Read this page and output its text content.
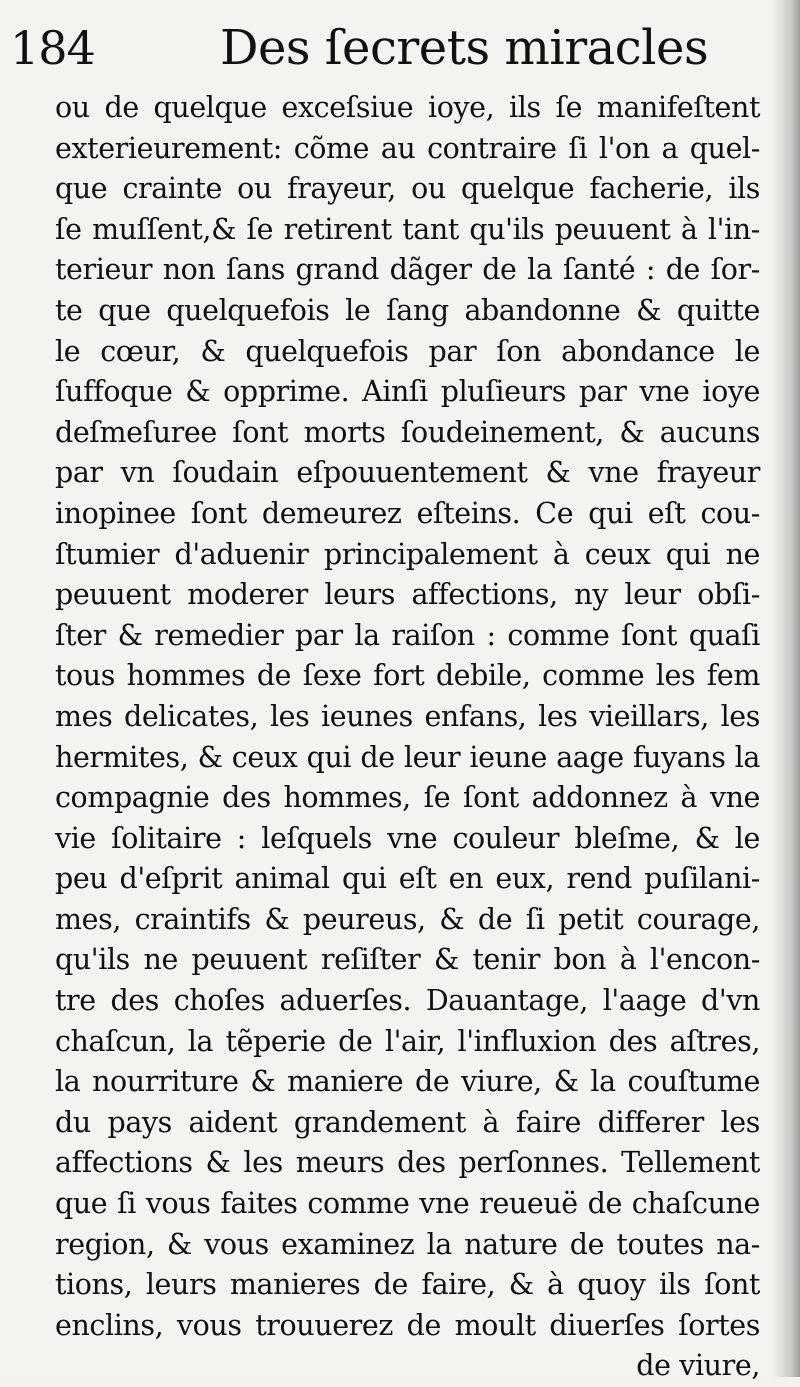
184	Des ſecrets miracles
ou de quelque exceſsiue ioye, ils ſe manifeſtent
exterieurement: cõme au contraire ſi l'on a quel-
que crainte ou frayeur, ou quelque facherie, ils
ſe muſſent,& ſe retirent tant qu'ils peuuent à l'in-
terieur non ſans grand dãger de la ſanté : de ſor-
te que quelquefois le ſang abandonne & quitte
le cœur, & quelquefois par ſon abondance le
ſuffoque & opprime. Ainſi pluſieurs par vne ioye
deſmeſuree ſont morts ſoudeinement, & aucuns
par vn ſoudain eſpouuentement & vne frayeur
inopinee ſont demeurez eſteins. Ce qui eſt cou-
ſtumier d'aduenir principalement à ceux qui ne
peuuent moderer leurs affections, ny leur obſi-
ſter & remedier par la raiſon : comme ſont quaſi
tous hommes de ſexe fort debile, comme les fem
mes delicates, les ieunes enfans, les vieillars, les
hermites, & ceux qui de leur ieune aage fuyans la
compagnie des hommes, ſe ſont addonnez à vne
vie ſolitaire : leſquels vne couleur bleſme, & le
peu d'eſprit animal qui eſt en eux, rend puſilani-
mes, craintifs & peureus, & de ſi petit courage,
qu'ils ne peuuent reſiſter & tenir bon à l'encon-
tre des choſes aduerſes. Dauantage, l'aage d'vn
chaſcun, la tẽperie de l'air, l'influxion des aſtres,
la nourriture & maniere de viure, & la couſtume
du pays aident grandement à faire differer les
affections & les meurs des perſonnes. Tellement
que ſi vous faites comme vne reueuë de chaſcune
region, & vous examinez la nature de toutes na-
tions, leurs manieres de faire, & à quoy ils ſont
enclins, vous trouuerez de moult diuerſes ſortes
de viure,
